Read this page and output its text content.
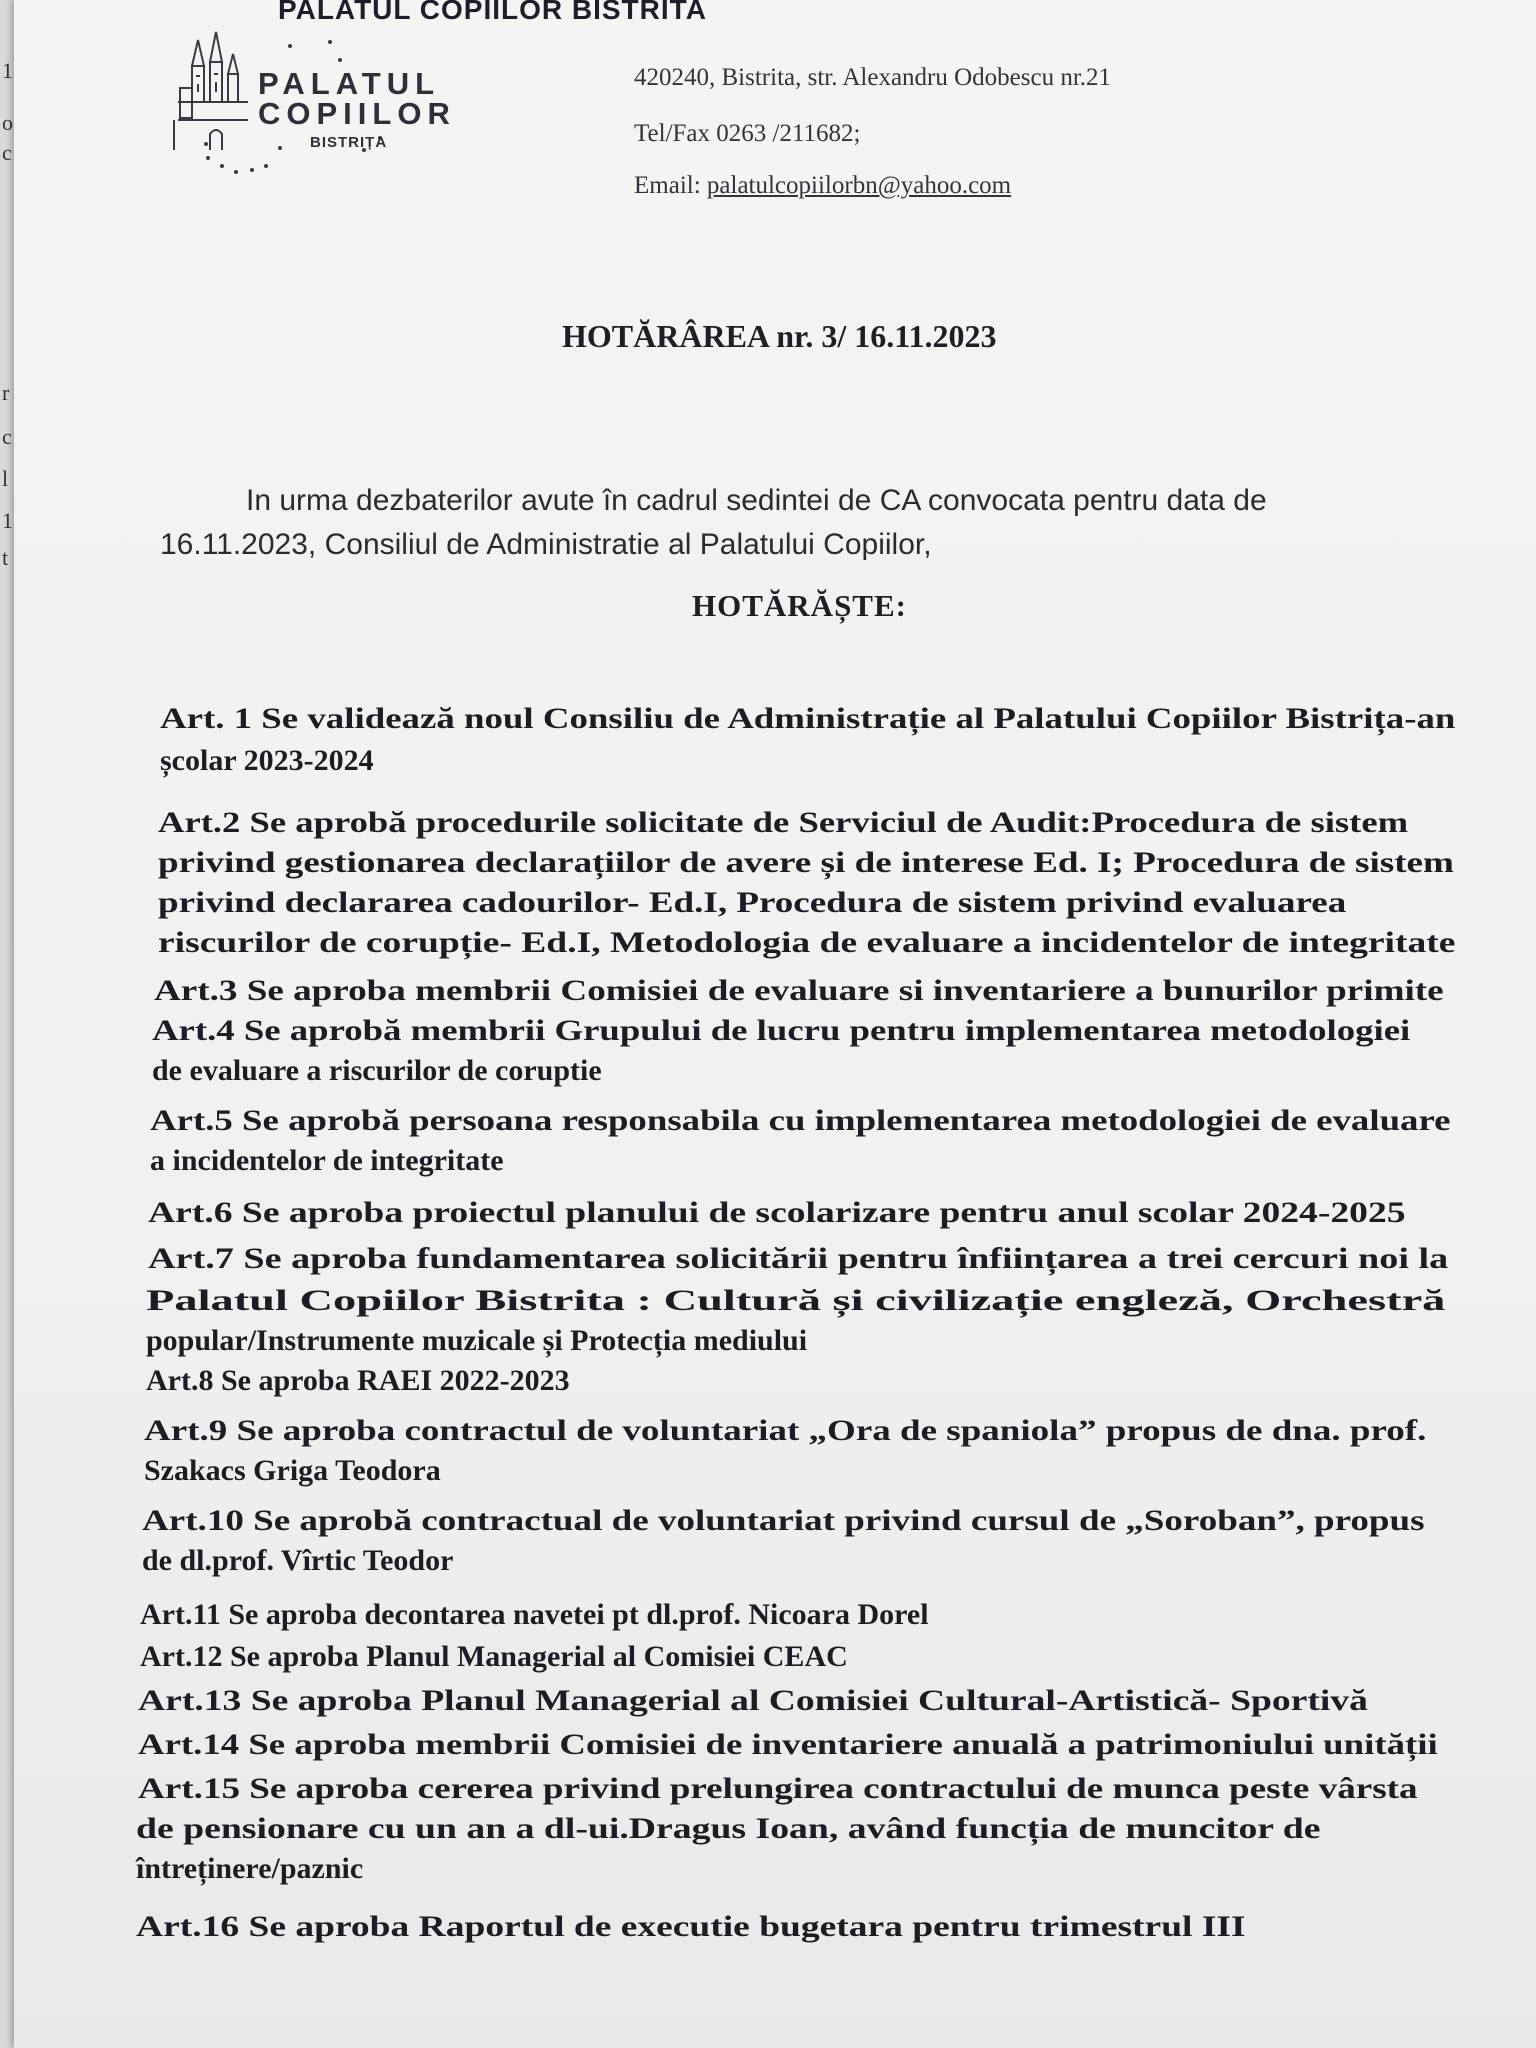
1
o
c
r
c
l
1
t
PALATUL COPIILOR BISTRITA
PALATUL
COPIILOR
BISTRIȚA
420240, Bistrita, str. Alexandru Odobescu nr.21
Tel/Fax 0263 /211682;
Email: palatulcopiilorbn@yahoo.com
HOTĂRÂREA nr. 3/ 16.11.2023
In urma dezbaterilor avute în cadrul sedintei de CA convocata pentru data de
16.11.2023, Consiliul de Administratie al Palatului Copiilor,
HOTĂRĂȘTE:
Art. 1 Se validează noul Consiliu de Administrație al Palatului Copiilor Bistrița-an
școlar 2023-2024
Art.2 Se aprobă procedurile solicitate de Serviciul de Audit:Procedura de sistem
privind gestionarea declarațiilor de avere și de interese Ed. I; Procedura de sistem
privind declararea cadourilor- Ed.I, Procedura de sistem privind evaluarea
riscurilor de corupție- Ed.I, Metodologia de evaluare a incidentelor de integritate
Art.3 Se aproba membrii Comisiei de evaluare si inventariere a bunurilor primite
Art.4 Se aprobă membrii Grupului de lucru pentru implementarea metodologiei
de evaluare a riscurilor de coruptie
Art.5 Se aprobă persoana responsabila cu implementarea metodologiei de evaluare
a incidentelor de integritate
Art.6 Se aproba proiectul planului de scolarizare pentru anul scolar 2024-2025
Art.7 Se aproba fundamentarea solicitării pentru înființarea a trei cercuri noi la
Palatul Copiilor Bistrita : Cultură și civilizație engleză, Orchestră
popular/Instrumente muzicale și Protecția mediului
Art.8 Se aproba RAEI 2022-2023
Art.9 Se aproba contractul de voluntariat „Ora de spaniola” propus de dna. prof.
Szakacs Griga Teodora
Art.10 Se aprobă contractual de voluntariat privind cursul de „Soroban”, propus
de dl.prof. Vîrtic Teodor
Art.11 Se aproba decontarea navetei pt dl.prof. Nicoara Dorel
Art.12 Se aproba Planul Managerial al Comisiei CEAC
Art.13 Se aproba Planul Managerial al Comisiei Cultural-Artistică- Sportivă
Art.14 Se aproba membrii Comisiei de inventariere anuală a patrimoniului unității
Art.15 Se aproba cererea privind prelungirea contractului de munca peste vârsta
de pensionare cu un an a dl-ui.Dragus Ioan, având funcția de muncitor de
întreținere/paznic
Art.16 Se aproba Raportul de executie bugetara pentru trimestrul III
